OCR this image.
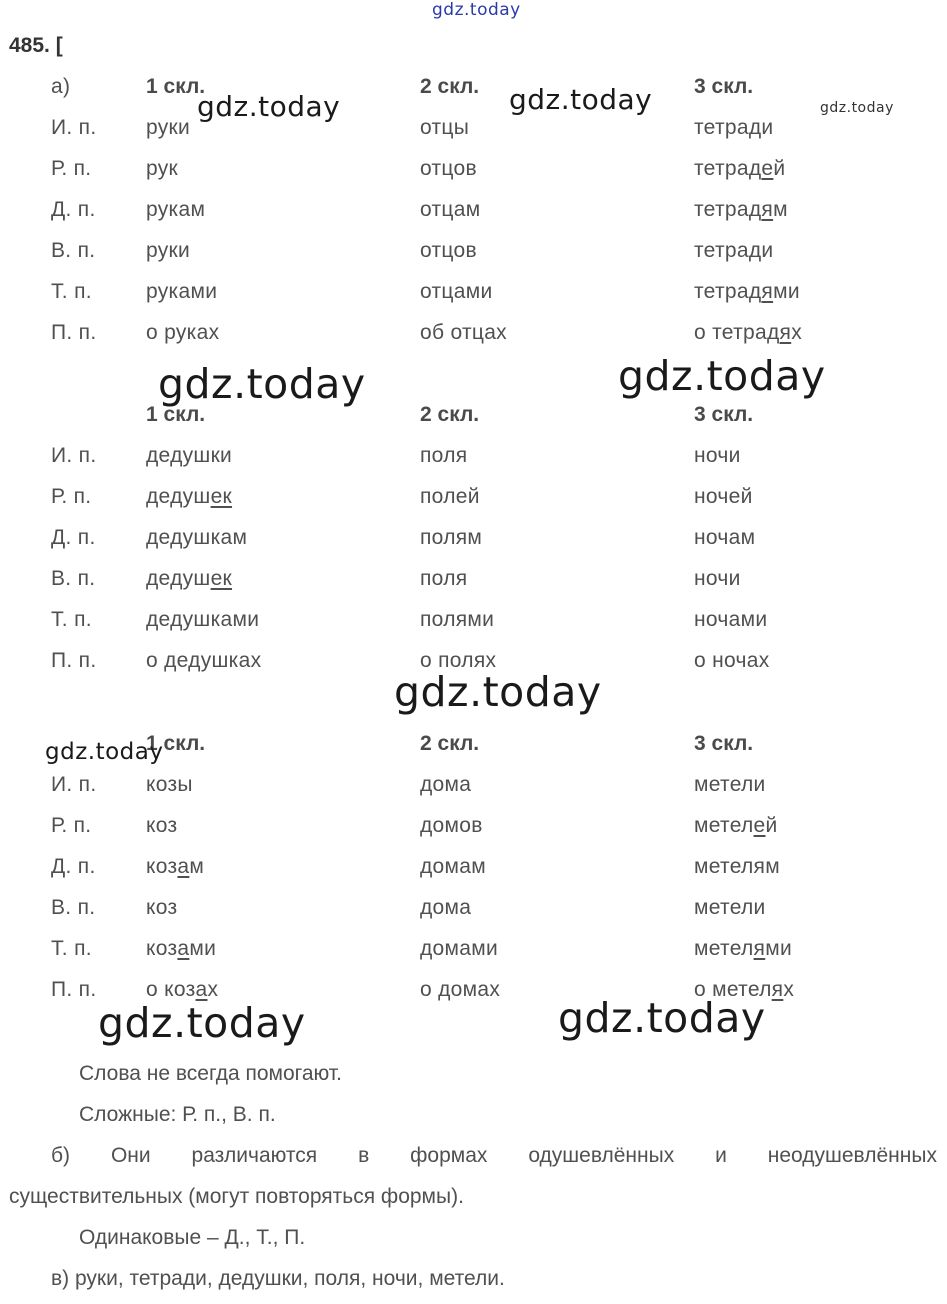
485. [
gdz.today
а)	1 скл.	2 скл.	3 скл.
И. п. руки	отцы	тетради
Р. п.	рук	отцов	тетрадей
Д. п. рукам	отцам	тетрадям
В. п. руки	отцов	тетради
Т. п.	руками	отцами	тетрадями
П. п. о руках	об отцах	о тетрадях
1 скл.	2 скл.	3 скл.
И. п. дедушки	поля	ночи
Р. п.	дедушек	полей	ночей
Д. п. дедушкам	полям	ночам
В. п. дедушек	поля	ночи
Т. п.	дедушками	полями	ночами
П. п. о дедушках	о полях	о ночах
1 скл.	2 скл.	3 скл.
И. п. козы	дома	метели
Р. п.	коз	домов	метелей
Д. п. козам	домам	метелям
В. п. коз	дома	метели
Т. п.	козами	домами	метелями
П. п. о козах	о домах	о метелях
gdz.today	gdz.today	gdz.today
gdz.today	gdz.today
gdz.today
gdz.today
gdz.today	gdz.today
Слова не всегда помогают.
Сложные: Р. п., В. п.
б) Они различаются в формах одушевлённых и неодушевлённых
существительных (могут повторяться формы).
Одинаковые – Д., Т., П.
в) руки, тетради, дедушки, поля, ночи, метели.
